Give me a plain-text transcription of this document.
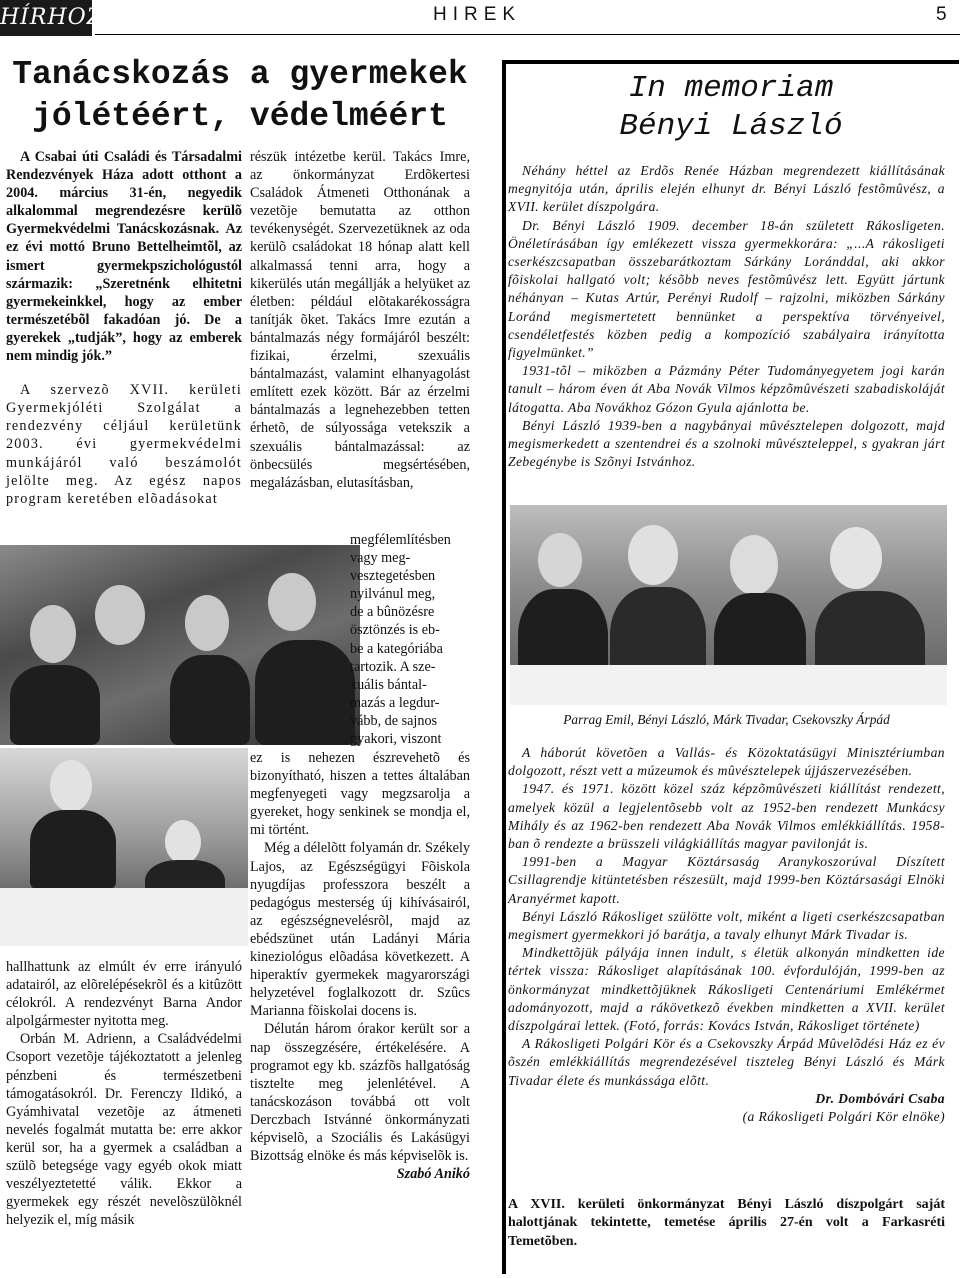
HÍRHOZÓ	HIREK	5
Tanácskozás a gyermekek
jólétéért, védelméért

A Csabai úti Családi és Társadalmi Rendezvények Háza adott otthont a 2004. március 31-én, negyedik alkalommal megrendezésre kerülõ Gyermekvédelmi Tanácskozásnak. Az ez évi mottó Bruno Bettelheimtõl, az ismert gyermekpszichológustól származik: „Szeretnénk elhitetni gyermekeinkkel, hogy az ember természetébõl fakadóan jó. De a gyerekek „tudják”, hogy az emberek nem mindig jók.”

A szervezõ XVII. kerületi Gyermekjóléti Szolgálat a rendezvény céljául kerületünk 2003. évi gyermekvédelmi munkájáról való beszámolót jelölte meg. Az egész napos program keretében elõadásokat

hallhattunk az elmúlt év erre irányuló adatairól, az elõrelépésekrõl és a kitûzött célokról. A rendezvényt Barna Andor alpolgármester nyitotta meg.

Orbán M. Adrienn, a Családvédelmi Csoport vezetõje tájékoztatott a jelenleg pénzbeni és természetbeni támogatásokról. Dr. Ferenczy Ildikó, a Gyámhivatal vezetõje az átmeneti nevelés fogalmát mutatta be: erre akkor kerül sor, ha a gyermek a családban a szülõ betegsége vagy egyéb okok miatt veszélyeztetetté válik. Ekkor a gyermekek egy részét nevelõszülõknél helyezik el, míg másik

részük intézetbe kerül. Takács Imre, az önkormányzat Erdõkertesi Családok Átmeneti Otthonának a vezetõje bemutatta az otthon tevékenységét. Szervezetüknek az oda kerülõ családokat 18 hónap alatt kell alkalmassá tenni arra, hogy a kikerülés után megállják a helyüket az életben: például elõtakarékosságra tanítják õket. Takács Imre ezután a bántalmazás négy formájáról beszélt: fizikai, érzelmi, szexuális bántalmazást, valamint elhanyagolást említett ezek között. Bár az érzelmi bántalmazás a legnehezebben tetten érhetõ, de súlyossága vetekszik a szexuális bántalmazással: az önbecsülés megsértésében, megalázásban, elutasításban,

megfélemlítésben vagy meg-
vesztegetésben
nyilvánul meg,
de a bûnözésre
ösztönzés is eb-
be a kategóriába
tartozik. A sze-
xuális bántal-
mazás a legdur-
vább, de sajnos
gyakori, viszont

ez is nehezen észrevehetõ és bizonyítható, hiszen a tettes általában megfenyegeti vagy megzsarolja a gyereket, hogy senkinek se mondja el, mi történt.

Még a délelõtt folyamán dr. Székely Lajos, az Egészségügyi Fõiskola nyugdíjas professzora beszélt a pedagógus mesterség új kihívásairól, az egészségnevelésrõl, majd az ebédszünet után Ladányi Mária kineziológus elõadása következett. A hiperaktív gyermekek magyarországi helyzetével foglalkozott dr. Szûcs Marianna fõiskolai docens is.

Délután három órakor került sor a nap összegzésére, értékelésére. A programot egy kb. százfõs hallgatóság tisztelte meg jelenlétével. A tanácskozáson továbbá ott volt Derczbach Istvánné önkormányzati képviselõ, a Szociális és Lakásügyi Bizottság elnöke és más képviselõk is.

Szabó Anikó

In memoriam
Bényi László

Néhány héttel az Erdõs Renée Házban megrendezett kiállításának megnyitója után, április elején elhunyt dr. Bényi László festõmûvész, a XVII. kerület díszpolgára.

Dr. Bényi László 1909. december 18-án született Rákosligeten. Önéletírásában így emlékezett vissza gyermekkorára: „...A rákosligeti cserkészcsapatban összebarátkoztam Sárkány Loránddal, aki akkor fõiskolai hallgató volt; késõbb neves festõmûvész lett. Együtt jártunk néhányan – Kutas Artúr, Perényi Rudolf – rajzolni, miközben Sárkány Loránd megismertetett bennünket a perspektíva törvényeivel, csendéletfestés közben pedig a kompozíció szabályaira irányította figyelmünket.”

1931-tõl – miközben a Pázmány Péter Tudományegyetem jogi karán tanult – három éven át Aba Novák Vilmos képzõmûvészeti szabadiskoláját látogatta. Aba Novákhoz Gózon Gyula ajánlotta be.

Bényi László 1939-ben a nagybányai mûvésztelepen dolgozott, majd megismerkedett a szentendrei és a szolnoki mûvészteleppel, s gyakran járt Zebegénybe is Szõnyi Istvánhoz.

Parrag Emil, Bényi László, Márk Tivadar, Csekovszky Árpád

A háborút követõen a Vallás- és Közoktatásügyi Minisztériumban dolgozott, részt vett a múzeumok és mûvésztelepek újjászervezésében.

1947. és 1971. között közel száz képzõmûvészeti kiállítást rendezett, amelyek közül a legjelentõsebb volt az 1952-ben rendezett Munkácsy Mihály és az 1962-ben rendezett Aba Novák Vilmos emlékkiállítás. 1958-ban õ rendezte a brüsszeli világkiállítás magyar pavilonját is.

1991-ben a Magyar Köztársaság Aranykoszorúval Díszített Csillagrendje kitüntetésben részesült, majd 1999-ben Köztársasági Elnöki Aranyérmet kapott.

Bényi László Rákosliget szülötte volt, miként a ligeti cserkészcsapatban megismert gyermekkori jó barátja, a tavaly elhunyt Márk Tivadar is.

Mindkettõjük pályája innen indult, s életük alkonyán mindketten ide tértek vissza: Rákosliget alapításának 100. évfordulóján, 1999-ben az önkormányzat mindkettõjüknek Rákosligeti Centenáriumi Emlékérmet adományozott, majd a rákövetkezõ években mindketten a XVII. kerület díszpolgárai lettek. (Fotó, forrás: Kovács István, Rákosliget története)

A Rákosligeti Polgári Kör és a Csekovszky Árpád Mûvelõdési Ház ez év õszén emlékkiállítás megrendezésével tiszteleg Bényi László és Márk Tivadar élete és munkássága elõtt.

Dr. Dombóvári Csaba

(a Rákosligeti Polgári Kör elnöke)

A XVII. kerületi önkormányzat Bényi László díszpolgárt saját halottjának tekintette, temetése április 27-én volt a Farkasréti Temetõben.
